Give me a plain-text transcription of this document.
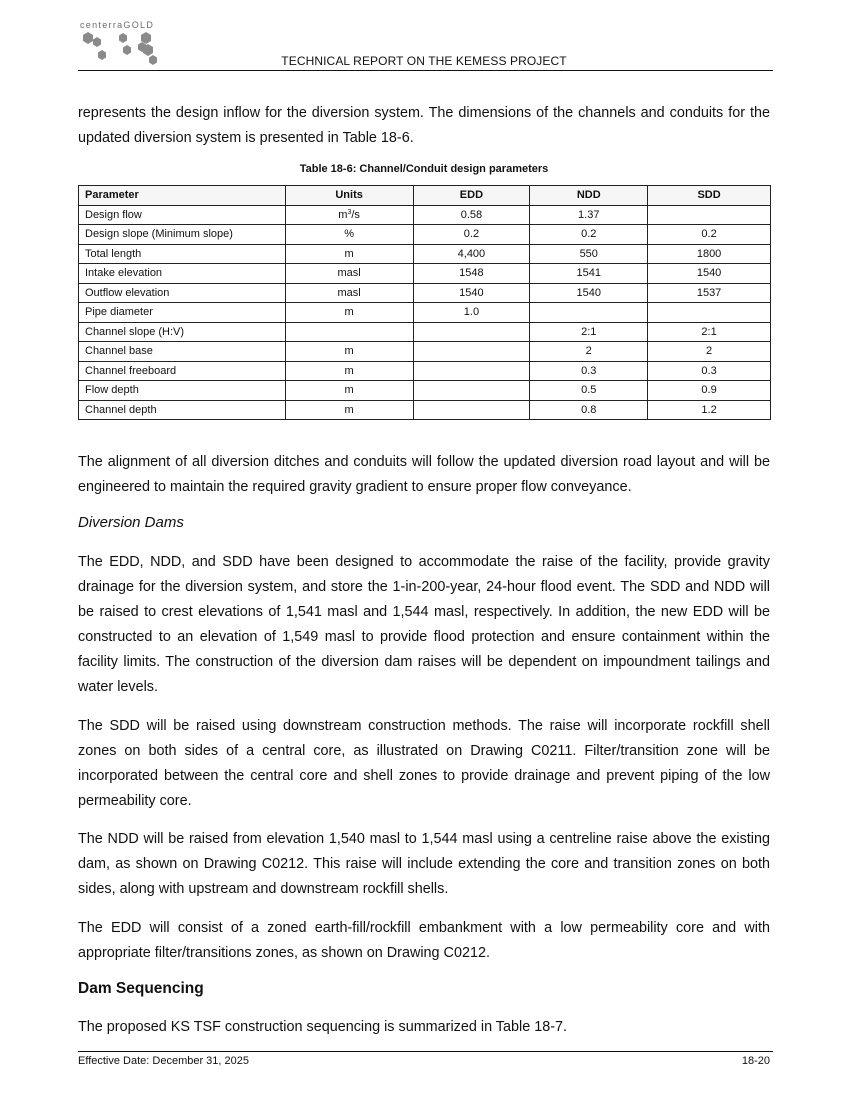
centerraGOLD
TECHNICAL REPORT ON THE KEMESS PROJECT
represents the design inflow for the diversion system. The dimensions of the channels and conduits for the updated diversion system is presented in Table 18-6.
Table 18-6: Channel/Conduit design parameters
Parameter	Units	EDD	NDD	SDD
Design flow	$m^3/s$	0.58	1.37	
Design slope (Minimum slope)	%	0.2	0.2	0.2
Total length	m	4,400	550	1800
Intake elevation	masl	1548	1541	1540
Outflow elevation	masl	1540	1540	1537
Pipe diameter	m	1.0		
Channel slope (H:V)			2:1	2:1
Channel base	m		2	2
Channel freeboard	m		0.3	0.3
Flow depth	m		0.5	0.9
Channel depth	m		0.8	1.2
The alignment of all diversion ditches and conduits will follow the updated diversion road layout and will be engineered to maintain the required gravity gradient to ensure proper flow conveyance.
Diversion Dams
The EDD, NDD, and SDD have been designed to accommodate the raise of the facility, provide gravity drainage for the diversion system, and store the 1-in-200-year, 24-hour flood event. The SDD and NDD will be raised to crest elevations of 1,541 masl and 1,544 masl, respectively. In addition, the new EDD will be constructed to an elevation of 1,549 masl to provide flood protection and ensure containment within the facility limits. The construction of the diversion dam raises will be dependent on impoundment tailings and water levels.
The SDD will be raised using downstream construction methods. The raise will incorporate rockfill shell zones on both sides of a central core, as illustrated on Drawing C0211. Filter/transition zone will be incorporated between the central core and shell zones to provide drainage and prevent piping of the low permeability core.
The NDD will be raised from elevation 1,540 masl to 1,544 masl using a centreline raise above the existing dam, as shown on Drawing C0212. This raise will include extending the core and transition zones on both sides, along with upstream and downstream rockfill shells.
The EDD will consist of a zoned earth-fill/rockfill embankment with a low permeability core and with appropriate filter/transitions zones, as shown on Drawing C0212.
Dam Sequencing
The proposed KS TSF construction sequencing is summarized in Table 18-7.
Effective Date: December 31, 2025	18-20
